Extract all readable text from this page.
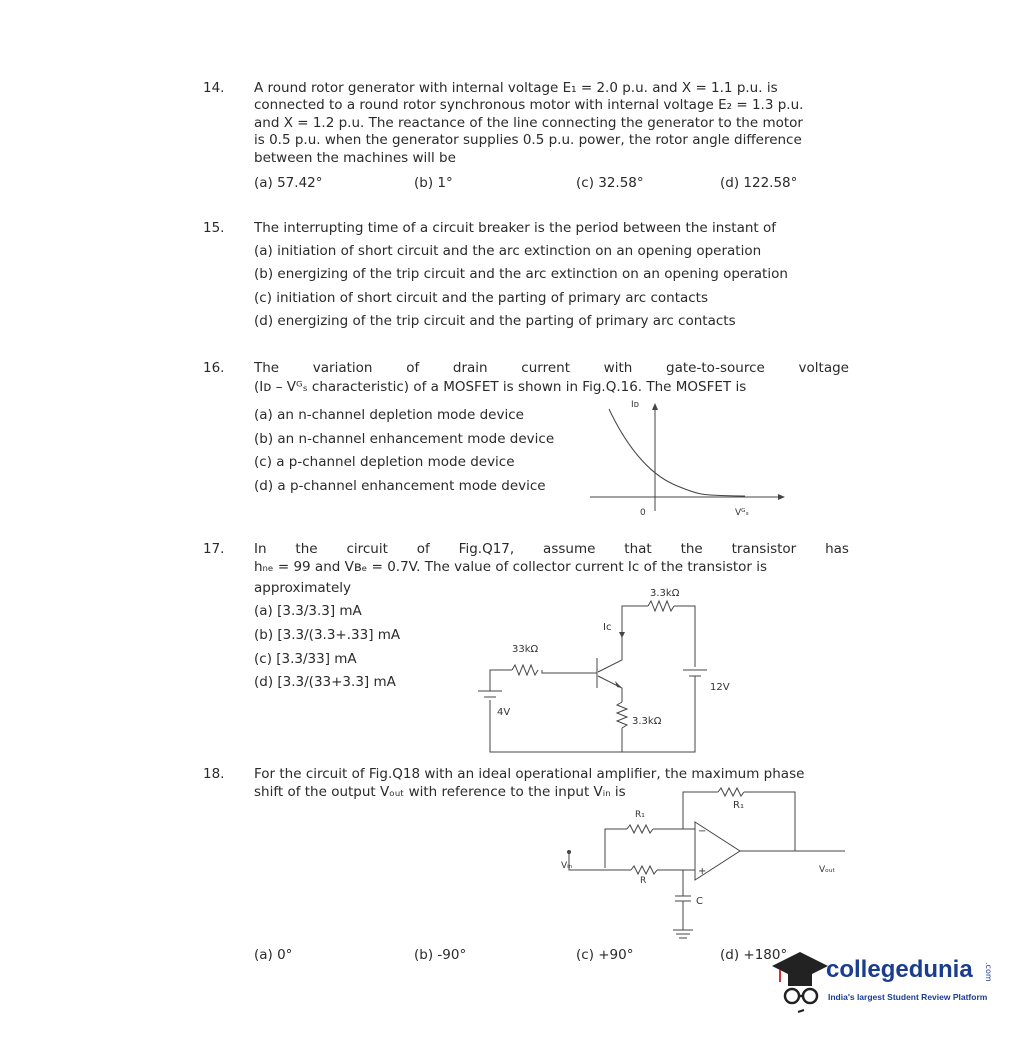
14. A round rotor generator with internal voltage E₁ = 2.0 p.u. and X = 1.1 p.u. is
connected to a round rotor synchronous motor with internal voltage E₂ = 1.3 p.u.
and X = 1.2 p.u. The reactance of the line connecting the generator to the motor
is 0.5 p.u. when the generator supplies 0.5 p.u. power, the rotor angle difference
between the machines will be
(a) 57.42°	(b) 1°	(c) 32.58°	(d) 122.58°
15. The interrupting time of a circuit breaker is the period between the instant of
(a) initiation of short circuit and the arc extinction on an opening operation
(b) energizing of the trip circuit and the arc extinction on an opening operation
(c) initiation of short circuit and the parting of primary arc contacts
(d) energizing of the trip circuit and the parting of primary arc contacts
16. The variation of drain current with gate-to-source voltage
(Iᴅ – Vᴳₛ characteristic) of a MOSFET is shown in Fig.Q.16. The MOSFET is
(a) an n-channel depletion mode device
(b) an n-channel enhancement mode device
(c) a p-channel depletion mode device
(d) a p-channel enhancement mode device
Iᴅ
0	Vᴳₛ
17. In the circuit of Fig.Q17, assume that the transistor has
hₙₑ = 99 and Vʙₑ = 0.7V. The value of collector current Iᴄ of the transistor is
approximately
(a) [3.3/3.3] mA
(b) [3.3/(3.3+.33] mA
(c) [3.3/33] mA
(d) [3.3/(33+3.3] mA
3.3kΩ
Iᴄ
33kΩ
12V
4V
3.3kΩ
18. For the circuit of Fig.Q18 with an ideal operational amplifier, the maximum phase
shift of the output Vₒᵤₜ with reference to the input Vᵢₙ is
R₁
R₁
R
C
Vᵢₙ	Vₒᵤₜ
−
+
(a) 0°	(b) -90°	(c) +90°	(d) +180°
collegedunia .com
India's largest Student Review Platform
